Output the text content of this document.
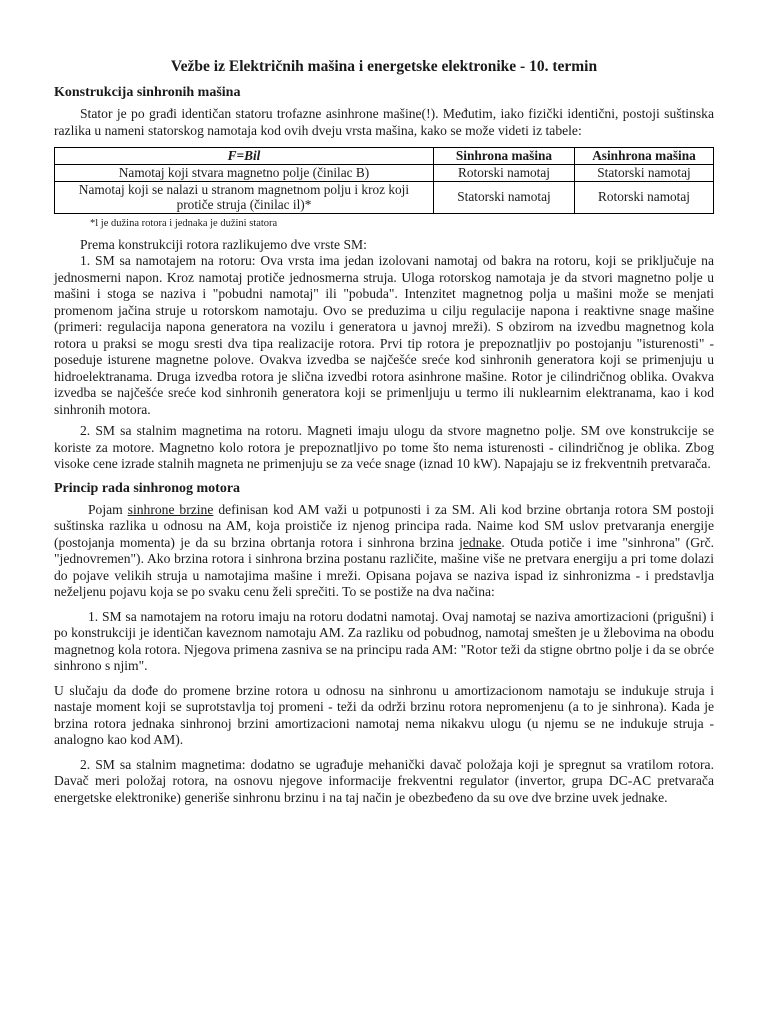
Vežbe iz Električnih mašina i energetske elektronike - 10. termin
Konstrukcija sinhronih mašina

Stator je po građi identičan statoru trofazne asinhrone mašine(!). Međutim, iako fizički identični, postoji suštinska razlika u nameni statorskog namotaja kod ovih dveju vrsta mašina, kako se može videti iz tabele:

F=Bil	Sinhrona mašina	Asinhrona mašina
Namotaj koji stvara magnetno polje (činilac B)	Rotorski namotaj	Statorski namotaj
Namotaj koji se nalazi u stranom magnetnom polju i kroz koji protiče struja (činilac il)*	Statorski namotaj	Rotorski namotaj
*l je dužina rotora i jednaka je dužini statora

Prema konstrukciji rotora razlikujemo dve vrste SM:

1. SM sa namotajem na rotoru: Ova vrsta ima jedan izolovani namotaj od bakra na rotoru, koji se priključuje na jednosmerni napon. Kroz namotaj protiče jednosmerna struja. Uloga rotorskog namotaja je da stvori magnetno polje u mašini i stoga se naziva i "pobudni namotaj" ili "pobuda". Intenzitet magnetnog polja u mašini može se menjati promenom jačina struje u rotorskom namotaju. Ovo se preduzima u cilju regulacije napona i reaktivne snage mašine (primeri: regulacija napona generatora na vozilu i generatora u javnoj mreži). S obzirom na izvedbu magnetnog kola rotora u praksi se mogu sresti dva tipa realizacije rotora. Prvi tip rotora je prepoznatljiv po postojanju "isturenosti" - poseduje isturene magnetne polove. Ovakva izvedba se najčešće sreće kod sinhronih generatora koji se primenjuju u hidroelektranama. Druga izvedba rotora je slična izvedbi rotora asinhrone mašine. Rotor je cilindričnog oblika. Ovakva izvedba se najčešće sreće kod sinhronih generatora koji se primenljuju u termo ili nuklearnim elektranama, kao i kod sinhronih motora.

2. SM sa stalnim magnetima na rotoru. Magneti imaju ulogu da stvore magnetno polje. SM ove konstrukcije se koriste za motore. Magnetno kolo rotora je prepoznatljivo po tome što nema isturenosti - cilindričnog je oblika. Zbog visoke cene izrade stalnih magneta ne primenjuju se za veće snage (iznad 10 kW). Napajaju se iz frekventnih pretvarača.

Princip rada sinhronog motora

Pojam sinhrone brzine definisan kod AM važi u potpunosti i za SM. Ali kod brzine obrtanja rotora SM postoji suštinska razlika u odnosu na AM, koja proističe iz njenog principa rada. Naime kod SM uslov pretvaranja energije (postojanja momenta) je da su brzina obrtanja rotora i sinhrona brzina jednake. Otuda potiče i ime "sinhrona" (Grč. "jednovremen"). Ako brzina rotora i sinhrona brzina postanu različite, mašine više ne pretvara energiju a pri tome dolazi do pojave velikih struja u namotajima mašine i mreži. Opisana pojava se naziva ispad iz sinhronizma - i predstavlja neželjenu pojavu koja se po svaku cenu želi sprečiti. To se postiže na dva načina:

1. SM sa namotajem na rotoru imaju na rotoru dodatni namotaj. Ovaj namotaj se naziva amortizacioni (prigušni) i po konstrukciji je identičan kaveznom namotaju AM. Za razliku od pobudnog, namotaj smešten je u žlebovima na obodu magnetnog kola rotora. Njegova primena zasniva se na principu rada AM: "Rotor teži da stigne obrtno polje i da se obrće sinhrono s njim".

U slučaju da dođe do promene brzine rotora u odnosu na sinhronu u amortizacionom namotaju se indukuje struja i nastaje moment koji se suprotstavlja toj promeni - teži da održi brzinu rotora nepromenjenu (a to je sinhrona). Kada je brzina rotora jednaka sinhronoj brzini amortizacioni namotaj nema nikakvu ulogu (u njemu se ne indukuje struja - analogno kao kod AM).

2. SM sa stalnim magnetima: dodatno se ugrađuje mehanički davač položaja koji je spregnut sa vratilom rotora. Davač meri položaj rotora, na osnovu njegove informacije frekventni regulator (invertor, grupa DC-AC pretvarača energetske elektronike) generiše sinhronu brzinu i na taj način je obezbeđeno da su ove dve brzine uvek jednake.
